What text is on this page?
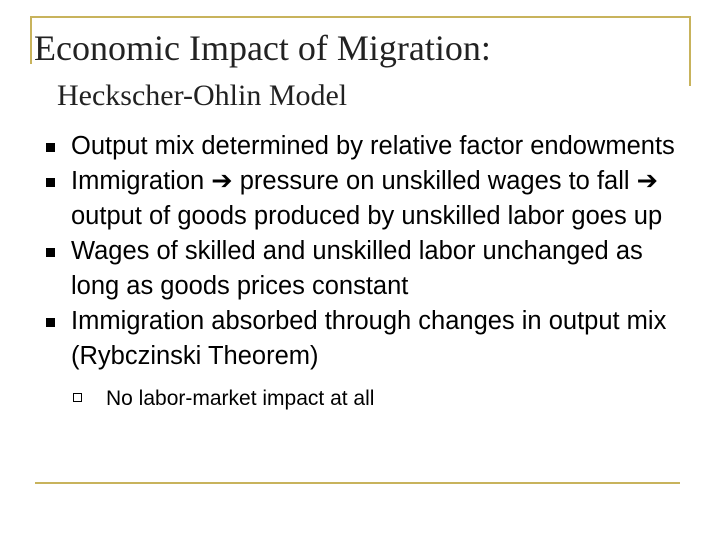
Economic Impact of Migration:
Heckscher-Ohlin Model
Output mix determined by relative factor endowments
Immigration ➔ pressure on unskilled wages to fall ➔ output of goods produced by unskilled labor goes up
Wages of skilled and unskilled labor unchanged as long as goods prices constant
Immigration absorbed through changes in output mix (Rybczinski Theorem)
No labor-market impact at all
